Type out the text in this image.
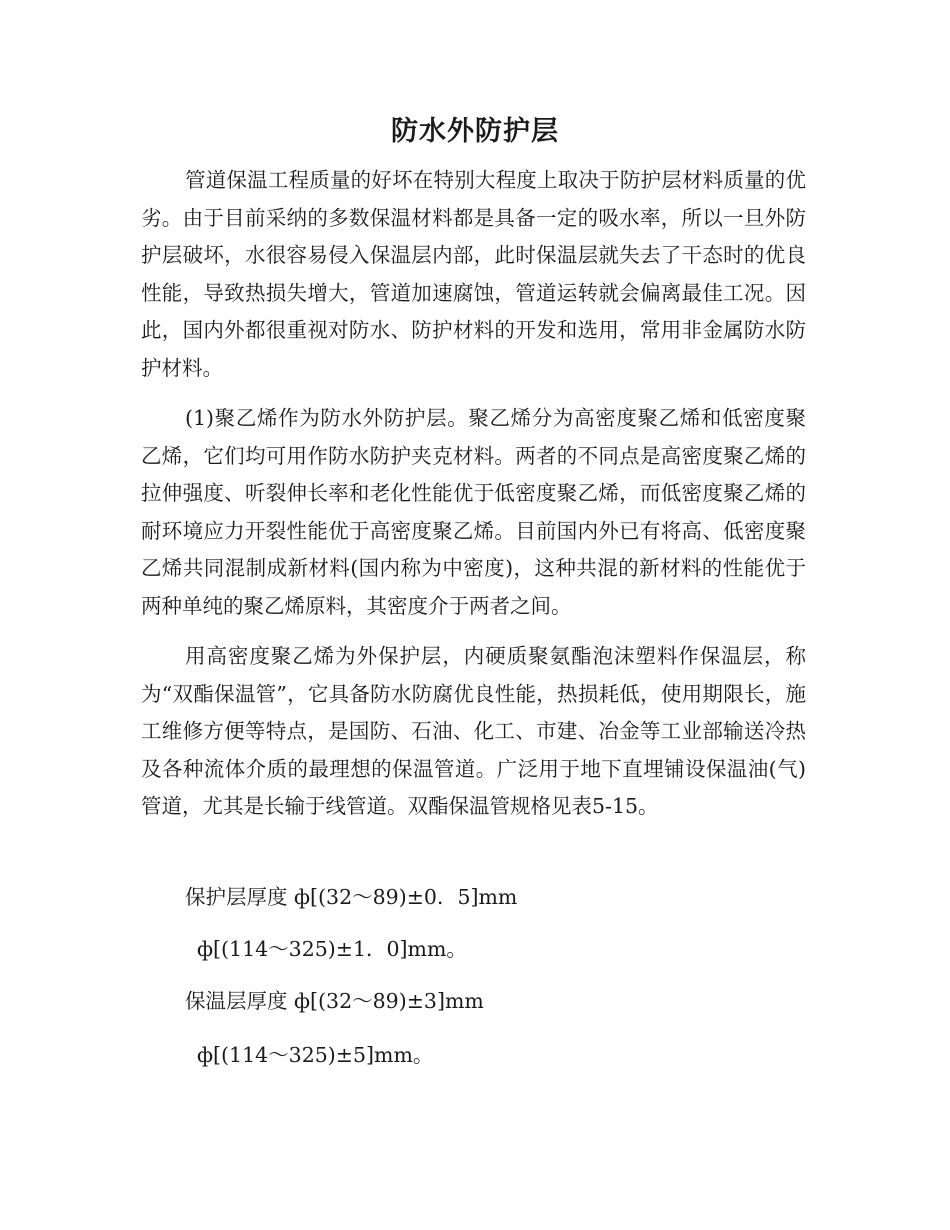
防水外防护层

管道保温工程质量的好坏在特别大程度上取决于防护层材料质量的优劣。由于目前采纳的多数保温材料都是具备一定的吸水率，所以一旦外防护层破坏，水很容易侵入保温层内部，此时保温层就失去了干态时的优良性能，导致热损失增大，管道加速腐蚀，管道运转就会偏离最佳工况。因此，国内外都很重视对防水、防护材料的开发和选用，常用非金属防水防护材料。

(1)聚乙烯作为防水外防护层。聚乙烯分为高密度聚乙烯和低密度聚乙烯，它们均可用作防水防护夹克材料。两者的不同点是高密度聚乙烯的拉伸强度、听裂伸长率和老化性能优于低密度聚乙烯，而低密度聚乙烯的耐环境应力开裂性能优于高密度聚乙烯。目前国内外已有将高、低密度聚乙烯共同混制成新材料(国内称为中密度)，这种共混的新材料的性能优于两种单纯的聚乙烯原料，其密度介于两者之间。

用高密度聚乙烯为外保护层，内硬质聚氨酯泡沫塑料作保温层，称为“双酯保温管”，它具备防水防腐优良性能，热损耗低，使用期限长，施工维修方便等特点，是国防、石油、化工、市建、冶金等工业部输送冷热及各种流体介质的最理想的保温管道。广泛用于地下直埋铺设保温油(气)管道，尤其是长输于线管道。双酯保温管规格见表5-15。

保护层厚度 ф[(32～89)±0．5]mm
ф[(114～325)±1．0]mm。
保温层厚度 ф[(32～89)±3]mm
ф[(114～325)±5]mm。
